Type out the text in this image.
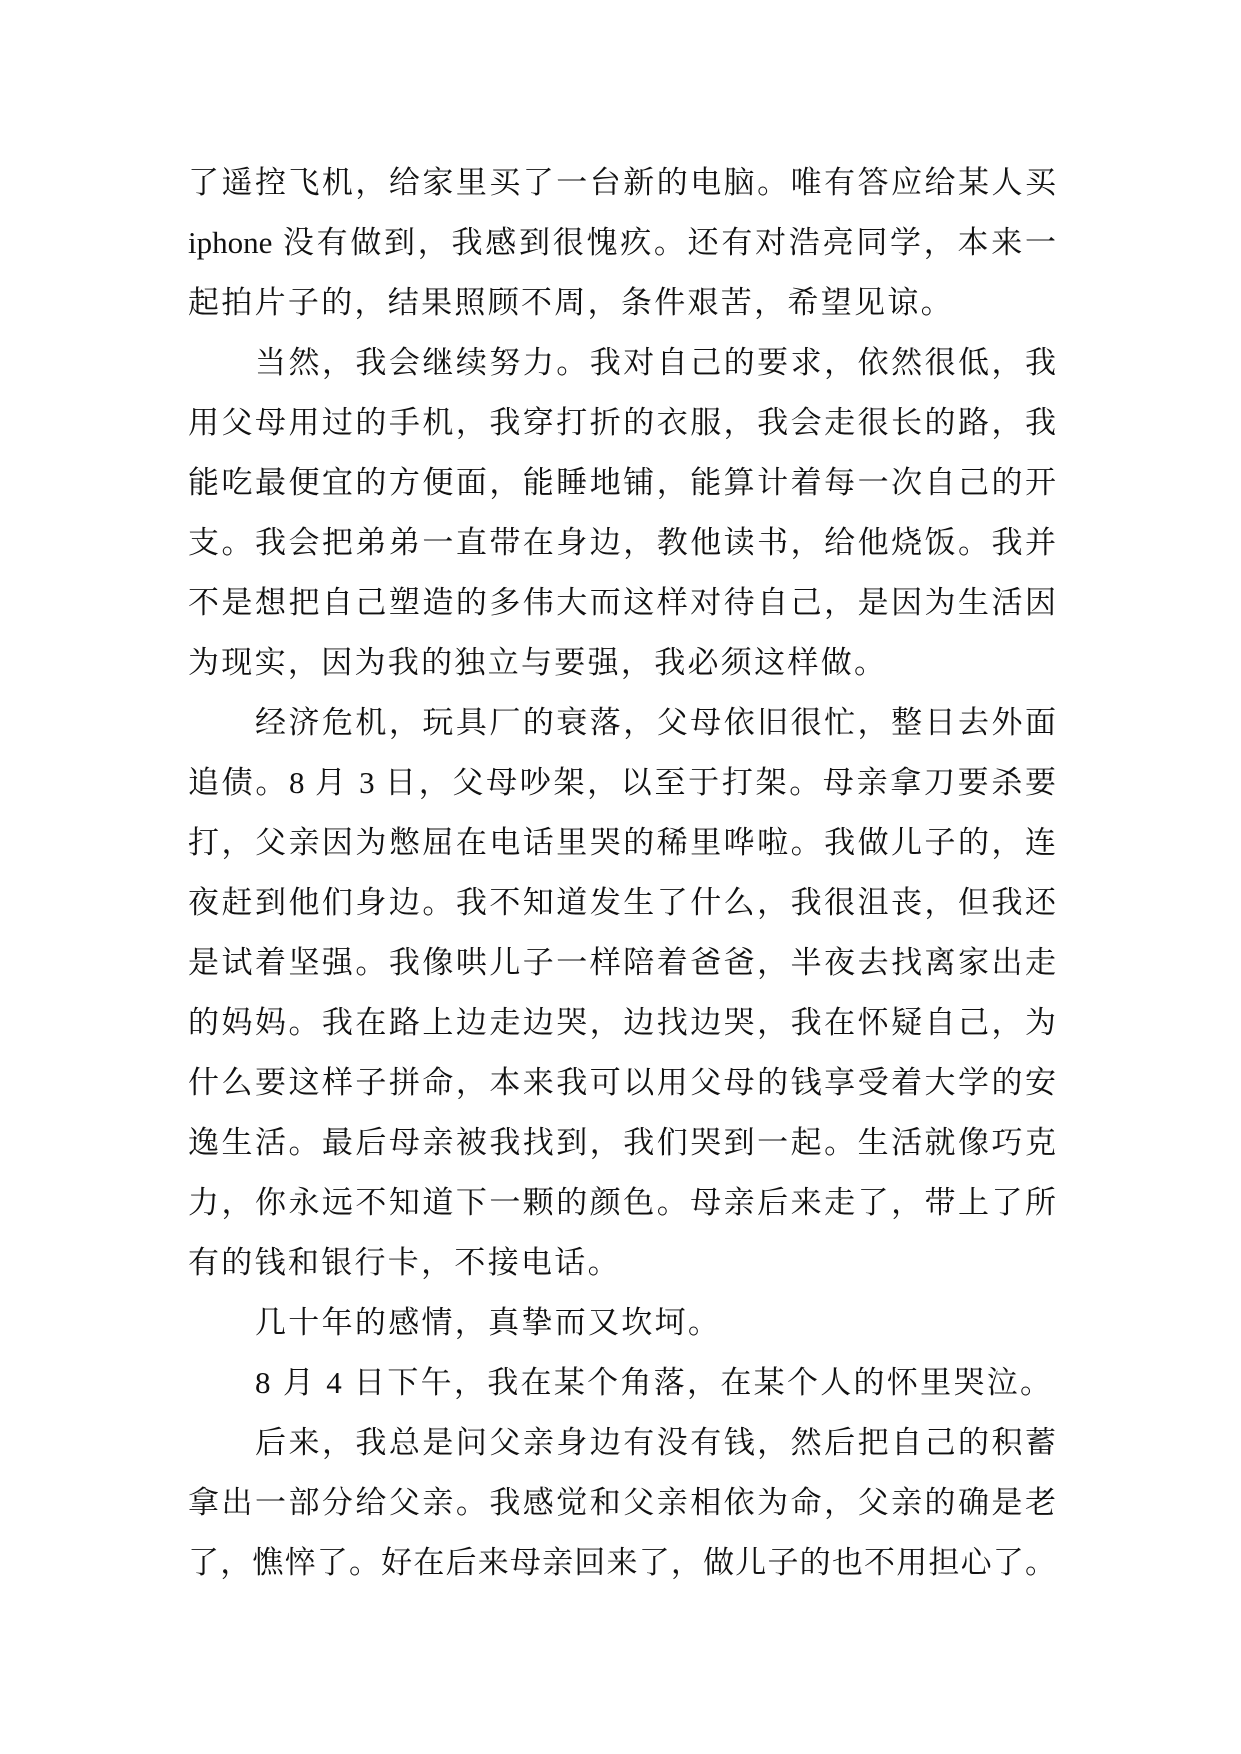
了遥控飞机，给家里买了一台新的电脑。唯有答应给某人买
iphone 没有做到，我感到很愧疚。还有对浩亮同学，本来一
起拍片子的，结果照顾不周，条件艰苦，希望见谅。
当然，我会继续努力。我对自己的要求，依然很低，我
用父母用过的手机，我穿打折的衣服，我会走很长的路，我
能吃最便宜的方便面，能睡地铺，能算计着每一次自己的开
支。我会把弟弟一直带在身边，教他读书，给他烧饭。我并
不是想把自己塑造的多伟大而这样对待自己，是因为生活因
为现实，因为我的独立与要强，我必须这样做。
经济危机，玩具厂的衰落，父母依旧很忙，整日去外面
追债。8 月 3 日，父母吵架，以至于打架。母亲拿刀要杀要
打，父亲因为憋屈在电话里哭的稀里哗啦。我做儿子的，连
夜赶到他们身边。我不知道发生了什么，我很沮丧，但我还
是试着坚强。我像哄儿子一样陪着爸爸，半夜去找离家出走
的妈妈。我在路上边走边哭，边找边哭，我在怀疑自己，为
什么要这样子拼命，本来我可以用父母的钱享受着大学的安
逸生活。最后母亲被我找到，我们哭到一起。生活就像巧克
力，你永远不知道下一颗的颜色。母亲后来走了，带上了所
有的钱和银行卡，不接电话。
几十年的感情，真挚而又坎坷。
8 月 4 日下午，我在某个角落，在某个人的怀里哭泣。
后来，我总是问父亲身边有没有钱，然后把自己的积蓄
拿出一部分给父亲。我感觉和父亲相依为命，父亲的确是老
了，憔悴了。好在后来母亲回来了，做儿子的也不用担心了。
